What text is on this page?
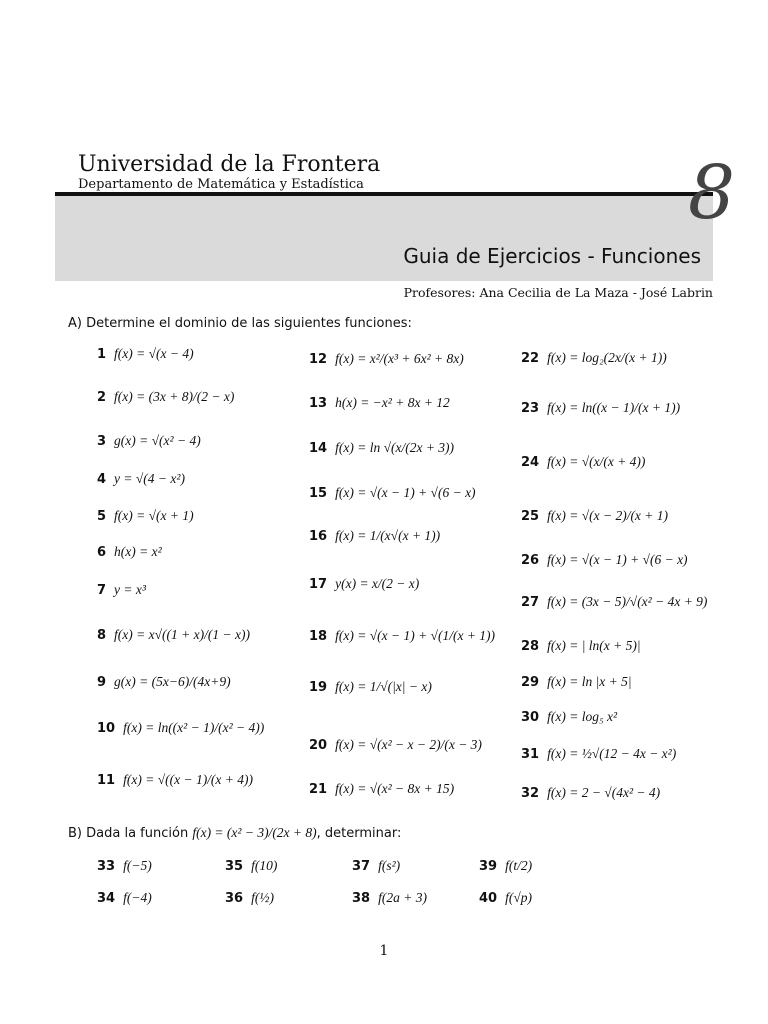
Universidad de la Frontera
Departamento de Matemática y Estadística	8
Guia de Ejercicios - Funciones
Profesores: Ana Cecilia de La Maza - José Labrin
A) Determine el dominio de las siguientes funciones:
1 f(x) = √(x − 4)
2 f(x) = (3x + 8)/(2 − x)
3 g(x) = √(x² − 4)
4 y = √(4 − x²)
5 f(x) = √(x + 1)
6 h(x) = x²
7 y = x³
8 f(x) = x√((1 + x)/(1 − x))
9 g(x) = (5x−6)/(4x+9)
10 f(x) = ln((x² − 1)/(x² − 4))
11 f(x) = √((x − 1)/(x + 4))
12 f(x) = x²/(x³ + 6x² + 8x)
13 h(x) = −x² + 8x + 12
14 f(x) = ln √(x/(2x + 3))
15 f(x) = √(x − 1) + √(6 − x)
16 f(x) = 1/(x√(x + 1))
17 y(x) = x/(2 − x)
18 f(x) = √(x − 1) + √(1/(x + 1))
19 f(x) = 1/√(|x| − x)
20 f(x) = √(x² − x − 2)/(x − 3)
21 f(x) = √(x² − 8x + 15)
22 f(x) = log₂(2x/(x + 1))
23 f(x) = ln((x − 1)/(x + 1))
24 f(x) = √(x/(x + 4))
25 f(x) = √(x − 2)/(x + 1)
26 f(x) = √(x − 1) + √(6 − x)
27 f(x) = (3x − 5)/√(x² − 4x + 9)
28 f(x) = | ln(x + 5)|
29 f(x) = ln |x + 5|
30 f(x) = log₅ x²
31 f(x) = ½√(12 − 4x − x²)
32 f(x) = 2 − √(4x² − 4)
B)
Dada la función
f(x) = (x² − 3)/(2x + 8) , determinar:
33 f(−5)
34 f(−4)
35 f(10)
36 f(½)
37 f(s²)
38 f(2a + 3)
39 f(t/2)
40 f(√p)
1
